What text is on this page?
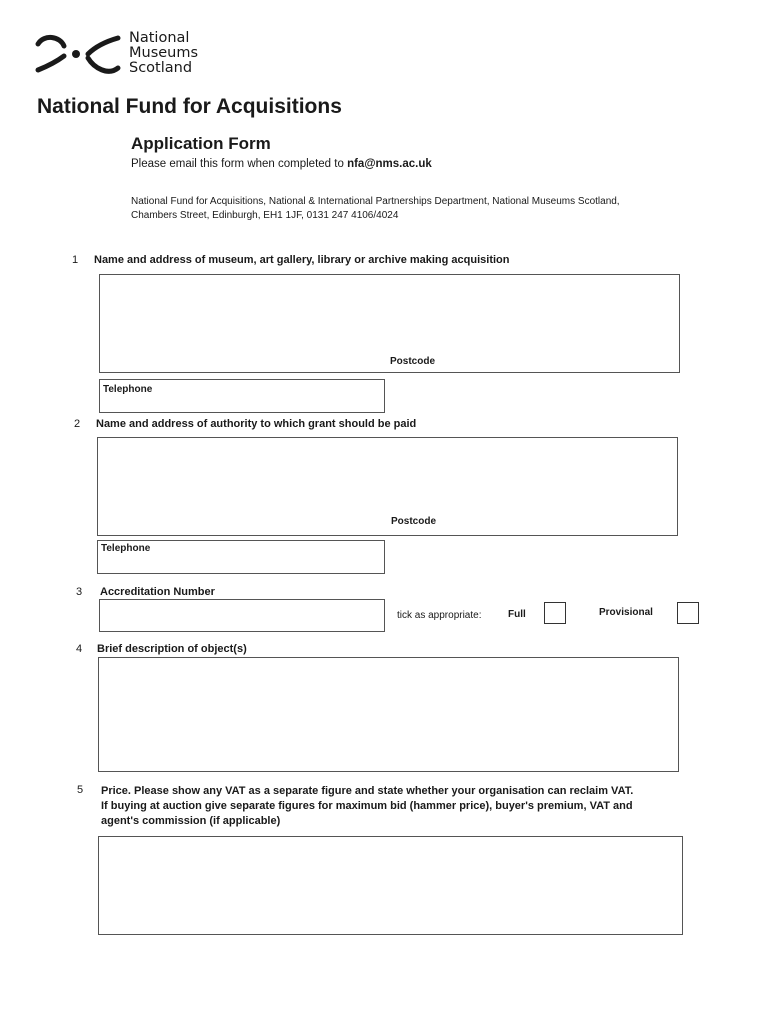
National
Museums
Scotland
National Fund for Acquisitions
Application Form
Please email this form when completed to nfa@nms.ac.uk
National Fund for Acquisitions, National & International Partnerships Department, National Museums Scotland,
Chambers Street, Edinburgh, EH1 1JF, 0131 247 4106/4024
1 Name and address of museum, art gallery, library or archive making acquisition
Postcode
Telephone
2 Name and address of authority to which grant should be paid
Postcode
Telephone
3 Accreditation Number
tick as appropriate:	Full	Provisional
4 Brief description of object(s)
5 Price. Please show any VAT as a separate figure and state whether your organisation can reclaim VAT.
If buying at auction give separate figures for maximum bid (hammer price), buyer's premium, VAT and
agent's commission (if applicable)
